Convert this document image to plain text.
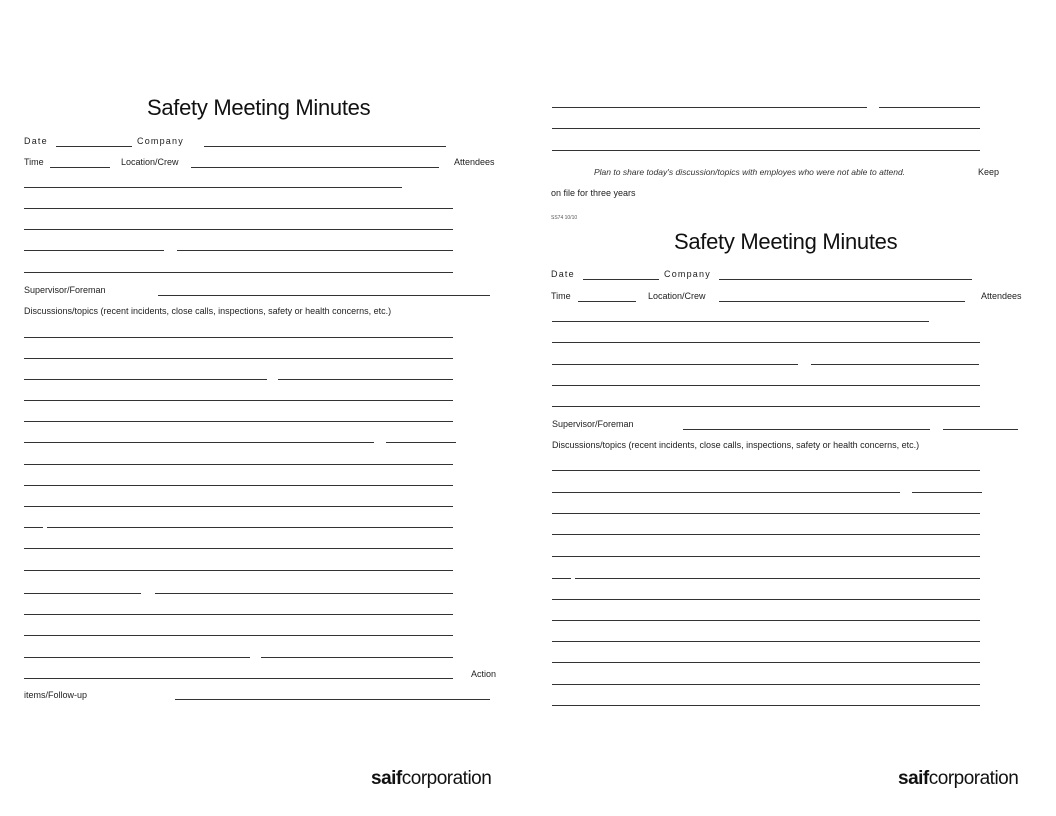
Safety Meeting Minutes
Date	Company
Time	Location/Crew	Attendees
Supervisor/Foreman
Discussions/topics (recent incidents, close calls, inspections, safety or health concerns, etc.)
Action
items/Follow-up
saifcorporation
Plan to share today's discussion/topics with employes who were not able to attend.	Keep
on file for three years
SS74 10/10
Safety Meeting Minutes
Date	Company
Time	Location/Crew	Attendees
Supervisor/Foreman
Discussions/topics (recent incidents, close calls, inspections, safety or health concerns, etc.)
saifcorporation
